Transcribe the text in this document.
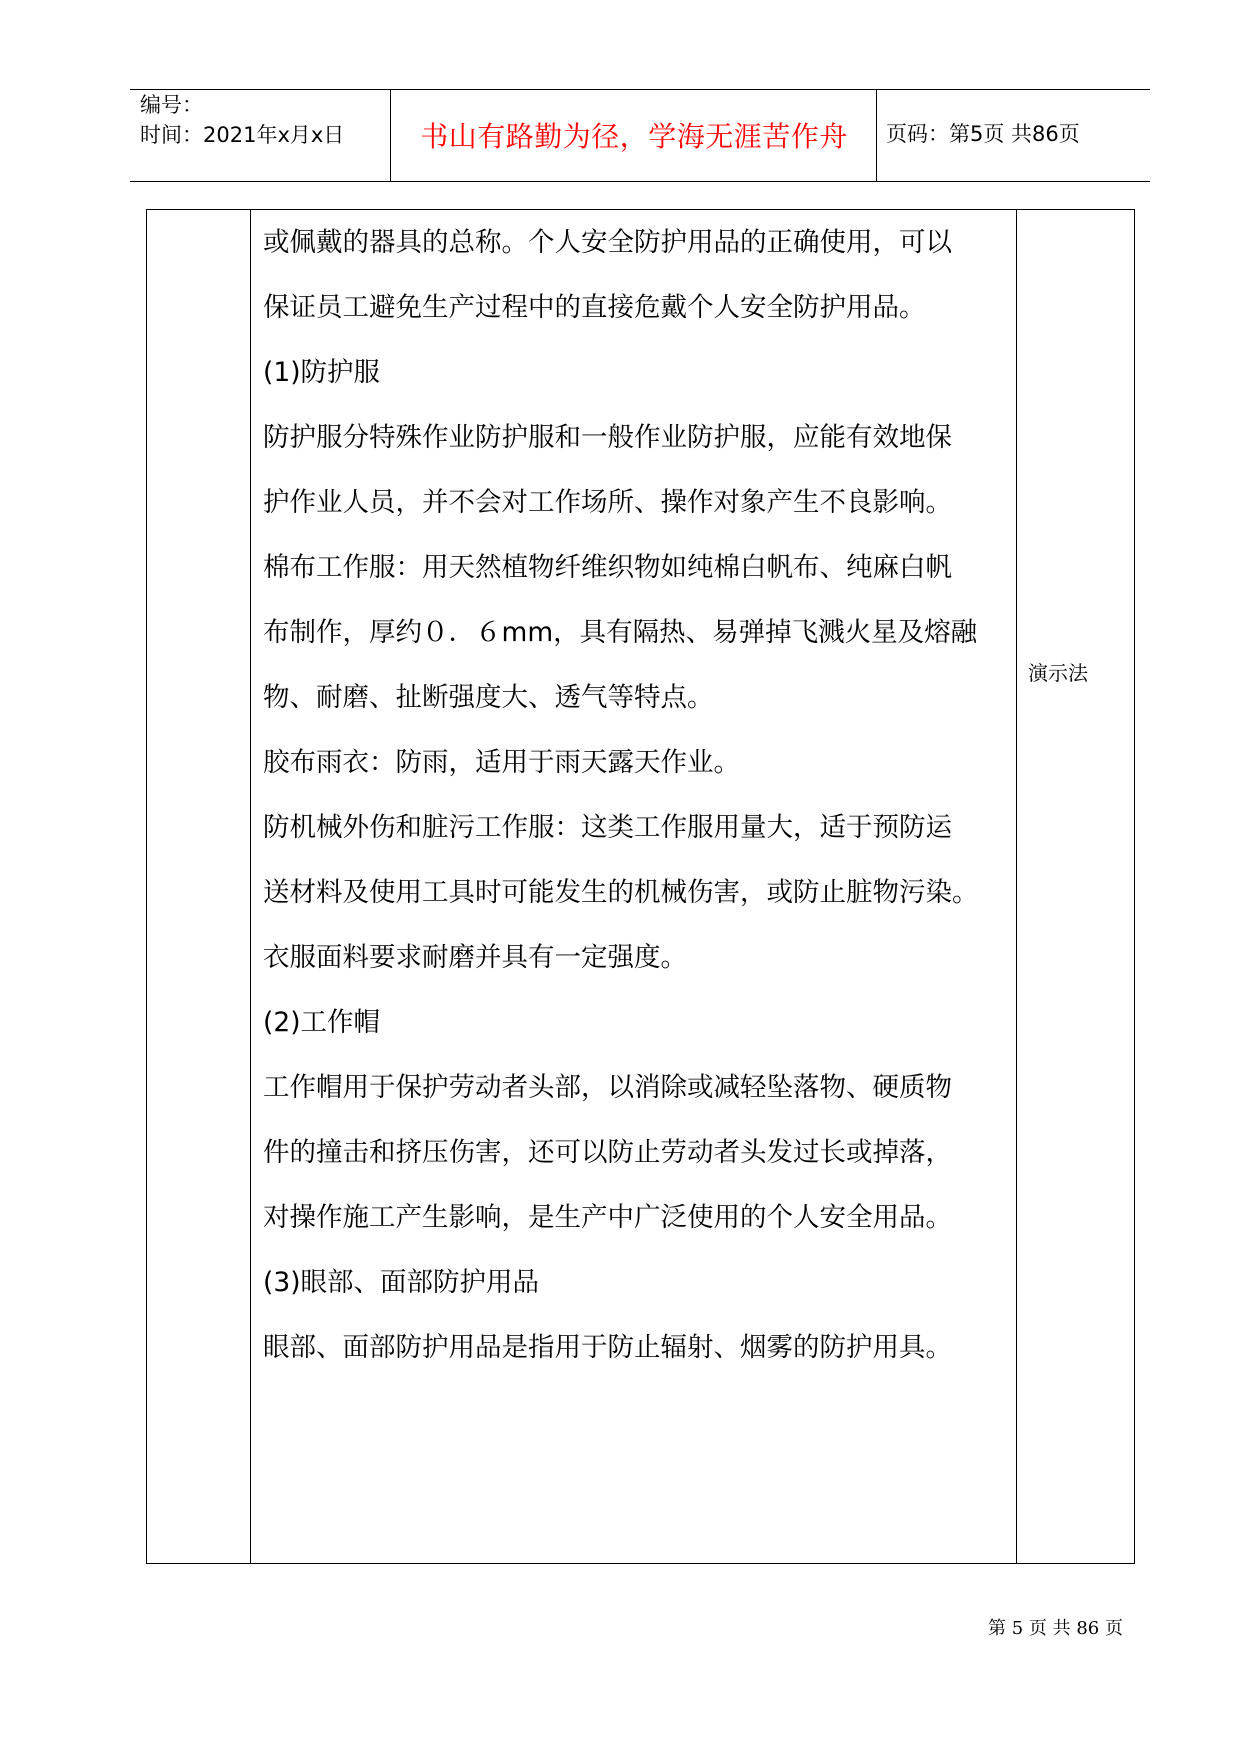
编号：
时间：2021年x月x日	书山有路勤为径，学海无涯苦作舟	页码：第5页 共86页
或佩戴的器具的总称。个人安全防护用品的正确使用，可以
保证员工避免生产过程中的直接危戴个人安全防护用品。
(1)防护服
防护服分特殊作业防护服和一般作业防护服，应能有效地保
护作业人员，并不会对工作场所、操作对象产生不良影响。
棉布工作服：用天然植物纤维织物如纯棉白帆布、纯麻白帆
布制作，厚约０．６mm，具有隔热、易弹掉飞溅火星及熔融
物、耐磨、扯断强度大、透气等特点。
胶布雨衣：防雨，适用于雨天露天作业。
防机械外伤和脏污工作服：这类工作服用量大，适于预防运
送材料及使用工具时可能发生的机械伤害，或防止脏物污染。
衣服面料要求耐磨并具有一定强度。
(2)工作帽
工作帽用于保护劳动者头部，以消除或减轻坠落物、硬质物
件的撞击和挤压伤害，还可以防止劳动者头发过长或掉落，
对操作施工产生影响，是生产中广泛使用的个人安全用品。
(3)眼部、面部防护用品
眼部、面部防护用品是指用于防止辐射、烟雾的防护用具。
演示法
第 5 页 共 86 页
